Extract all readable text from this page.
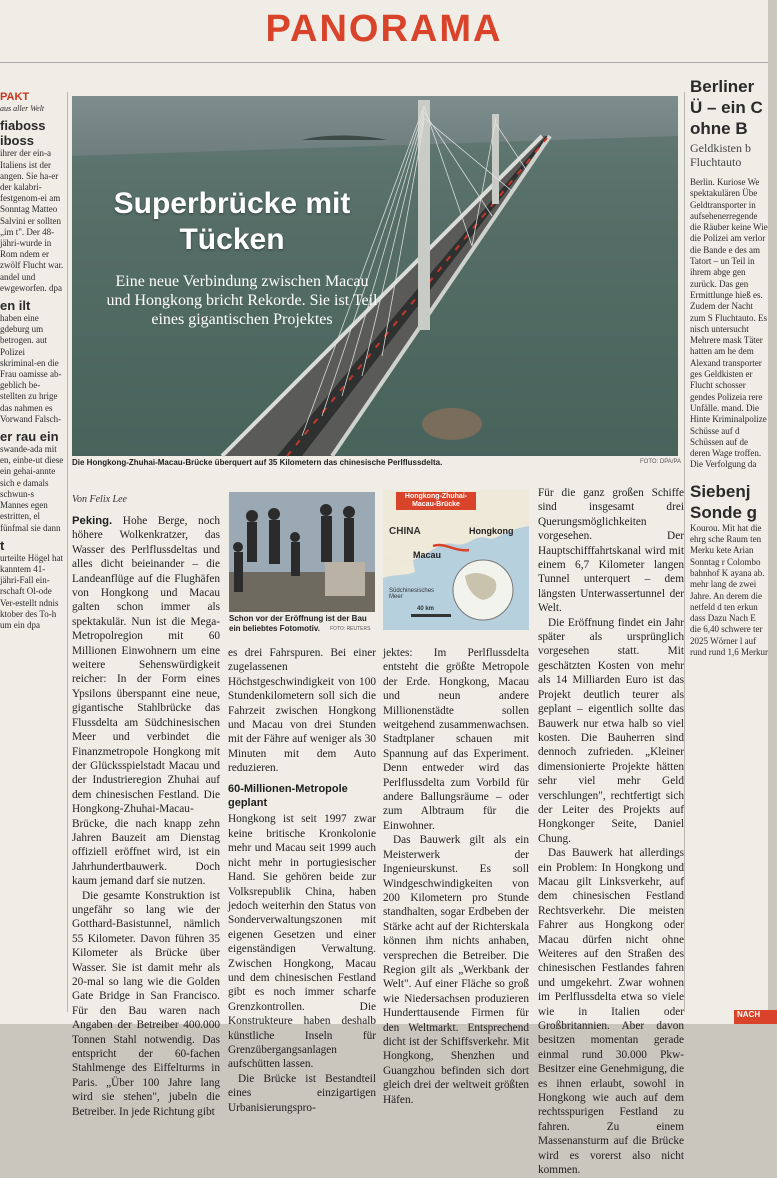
PANORAMA
PAKT
aus aller Welt
fiaboss iboss

ihrer der ein-a Italiens ist der angen. Sie ha-er der kalabri-festgenom-ei am Sonntag Matteo Salvini er sollten „im t". Der 48-jähri-wurde in Rom ndem er zwölf Flucht war. andel und ewgeworfen. dpa

en ilt

haben eine gdeburg um betrogen. aut Polizei skriminal-en die Frau oamisse ab-geblich be-stellten zu hrige das nahmen es Vorwand Falsch-

er rau ein

swande-ada mit en, einbe-ut diese ein gehai-annte sich e damals schwun-s Mannes egen estritten, el fünfmal sie dann

t

urteilte Högel hat kanntem 41-jähri-Fall ein-rschaft Ol-ode Ver-estellt ndnis ktober des To-h um ein dpa

Superbrücke mit Tücken
Eine neue Verbindung zwischen Macau und Hongkong bricht Rekorde. Sie ist Teil eines gigantischen Projektes
Die Hongkong-Zhuhai-Macau-Brücke überquert auf 35 Kilometern das chinesische Perlflussdelta.	FOTO: DPA/PA
Von Felix Lee

Peking. Hohe Berge, noch höhere Wolkenkratzer, das Wasser des Perlflussdeltas und alles dicht beieinander – die Landeanflüge auf die Flughäfen von Hongkong und Macau galten schon immer als spektakulär. Nun ist die Mega-Metropolregion mit 60 Millionen Einwohnern um eine weitere Sehenswürdigkeit reicher: In der Form eines Ypsilons überspannt eine neue, gigantische Stahlbrücke das Flussdelta am Südchinesischen Meer und verbindet die Finanzmetropole Hongkong mit der Glücksspielstadt Macau und der Industrieregion Zhuhai auf dem chinesischen Festland. Die Hongkong-Zhuhai-Macau-Brücke, die nach knapp zehn Jahren Bauzeit am Dienstag offiziell eröffnet wird, ist ein Jahrhundertbauwerk. Doch kaum jemand darf sie nutzen.

Die gesamte Konstruktion ist ungefähr so lang wie der Gotthard-Basistunnel, nämlich 55 Kilometer. Davon führen 35 Kilometer als Brücke über Wasser. Sie ist damit mehr als 20-mal so lang wie die Golden Gate Bridge in San Francisco. Für den Bau waren nach Angaben der Betreiber 400.000 Tonnen Stahl notwendig. Das entspricht der 60-fachen Stahlmenge des Eiffelturms in Paris. „Über 100 Jahre lang wird sie stehen", jubeln die Betreiber. In jede Richtung gibt

Schon vor der Eröffnung ist der Bau ein beliebtes Fotomotiv.	FOTO: REUTERS

es drei Fahrspuren. Bei einer zugelassenen Höchstgeschwindigkeit von 100 Stundenkilometern soll sich die Fahrzeit zwischen Hongkong und Macau von drei Stunden mit der Fähre auf weniger als 30 Minuten mit dem Auto reduzieren.

60-Millionen-Metropole geplant

Hongkong ist seit 1997 zwar keine britische Kronkolonie mehr und Macau seit 1999 auch nicht mehr in portugiesischer Hand. Sie gehören beide zur Volksrepublik China, haben jedoch weiterhin den Status von Sonderverwaltungszonen mit eigenen Gesetzen und einer eigenständigen Verwaltung. Zwischen Hongkong, Macau und dem chinesischen Festland gibt es noch immer scharfe Grenzkontrollen. Die Konstrukteure haben deshalb künstliche Inseln für Grenzübergangsanlagen aufschütten lassen.

Die Brücke ist Bestandteil eines einzigartigen Urbanisierungspro-

Hongkong-Zhuhai-Macau-Brücke
CHINA	Hongkong
Macau
Südchinesisches Meer
40 km

jektes: Im Perlflussdelta entsteht die größte Metropole der Erde. Hongkong, Macau und neun andere Millionenstädte sollen weitgehend zusammenwachsen. Stadtplaner schauen mit Spannung auf das Experiment. Denn entweder wird das Perlflussdelta zum Vorbild für andere Ballungsräume – oder zum Albtraum für die Einwohner.

Das Bauwerk gilt als ein Meisterwerk der Ingenieurskunst. Es soll Windgeschwindigkeiten von 200 Kilometern pro Stunde standhalten, sogar Erdbeben der Stärke acht auf der Richterskala können ihm nichts anhaben, versprechen die Betreiber. Die Region gilt als „Werkbank der Welt". Auf einer Fläche so groß wie Niedersachsen produzieren Hunderttausende Firmen für den Weltmarkt. Entsprechend dicht ist der Schiffsverkehr. Mit Hongkong, Shenzhen und Guangzhou befinden sich dort gleich drei der weltweit größten Häfen.

Für die ganz großen Schiffe sind insgesamt drei Querungsmöglichkeiten vorgesehen. Der Hauptschifffahrtskanal wird mit einem 6,7 Kilometer langen Tunnel unterquert – dem längsten Unterwassertunnel der Welt.

Die Eröffnung findet ein Jahr später als ursprünglich vorgesehen statt. Mit geschätzten Kosten von mehr als 14 Milliarden Euro ist das Projekt deutlich teurer als geplant – eigentlich sollte das Bauwerk nur etwa halb so viel kosten. Die Bauherren sind dennoch zufrieden. „Kleiner dimensionierte Projekte hätten sehr viel mehr Geld verschlungen", rechtfertigt sich der Leiter des Projekts auf Hongkonger Seite, Daniel Chung.

Das Bauwerk hat allerdings ein Problem: In Hongkong und Macau gilt Linksverkehr, auf dem chinesischen Festland Rechtsverkehr. Die meisten Fahrer aus Hongkong oder Macau dürfen nicht ohne Weiteres auf den Straßen des chinesischen Festlandes fahren und umgekehrt. Zwar wohnen im Perlflussdelta etwa so viele wie in Italien oder Großbritannien. Aber davon besitzen momentan gerade einmal rund 30.000 Pkw-Besitzer eine Genehmigung, die es ihnen erlaubt, sowohl in Hongkong wie auch auf dem rechtsspurigen Festland zu fahren. Zu einem Massenansturm auf die Brücke wird es vorerst also nicht kommen.

Berliner Ü – ein C ohne B
Geldkisten b Fluchtauto

Berlin. Kuriose We spektakulären Übe Geldtransporter in aufsehenerregende die Räuber keine Wie die Polizei am verlor die Bande e des am Tatort – un Teil in ihrem abge gen zurück. Das gen Ermittlunge hieß es. Zudem der Nacht zum S Fluchtauto. Es nisch untersucht Mehrere mask Täter hatten am he dem Alexand transporter ges Geldkisten er Flucht schosser gendes Polizeia rere Unfälle. mand. Die Hinte Kriminalpolize Schüsse auf d Schüssen auf de deren Wage troffen. Die Verfolgung da

Siebenj Sonde g

Kourou. Mit hat die ehrg sche Raum ten Merku kete Arian Sonntag r Colombo bahnhof K ayana ab. mehr lang de zwei Jahre. An derem die netfeld d ten erkun dass Dazu Nach E die 6,40 schwere ter 2025 Wörner l auf rund rund 1,6 Merkur

NACH
